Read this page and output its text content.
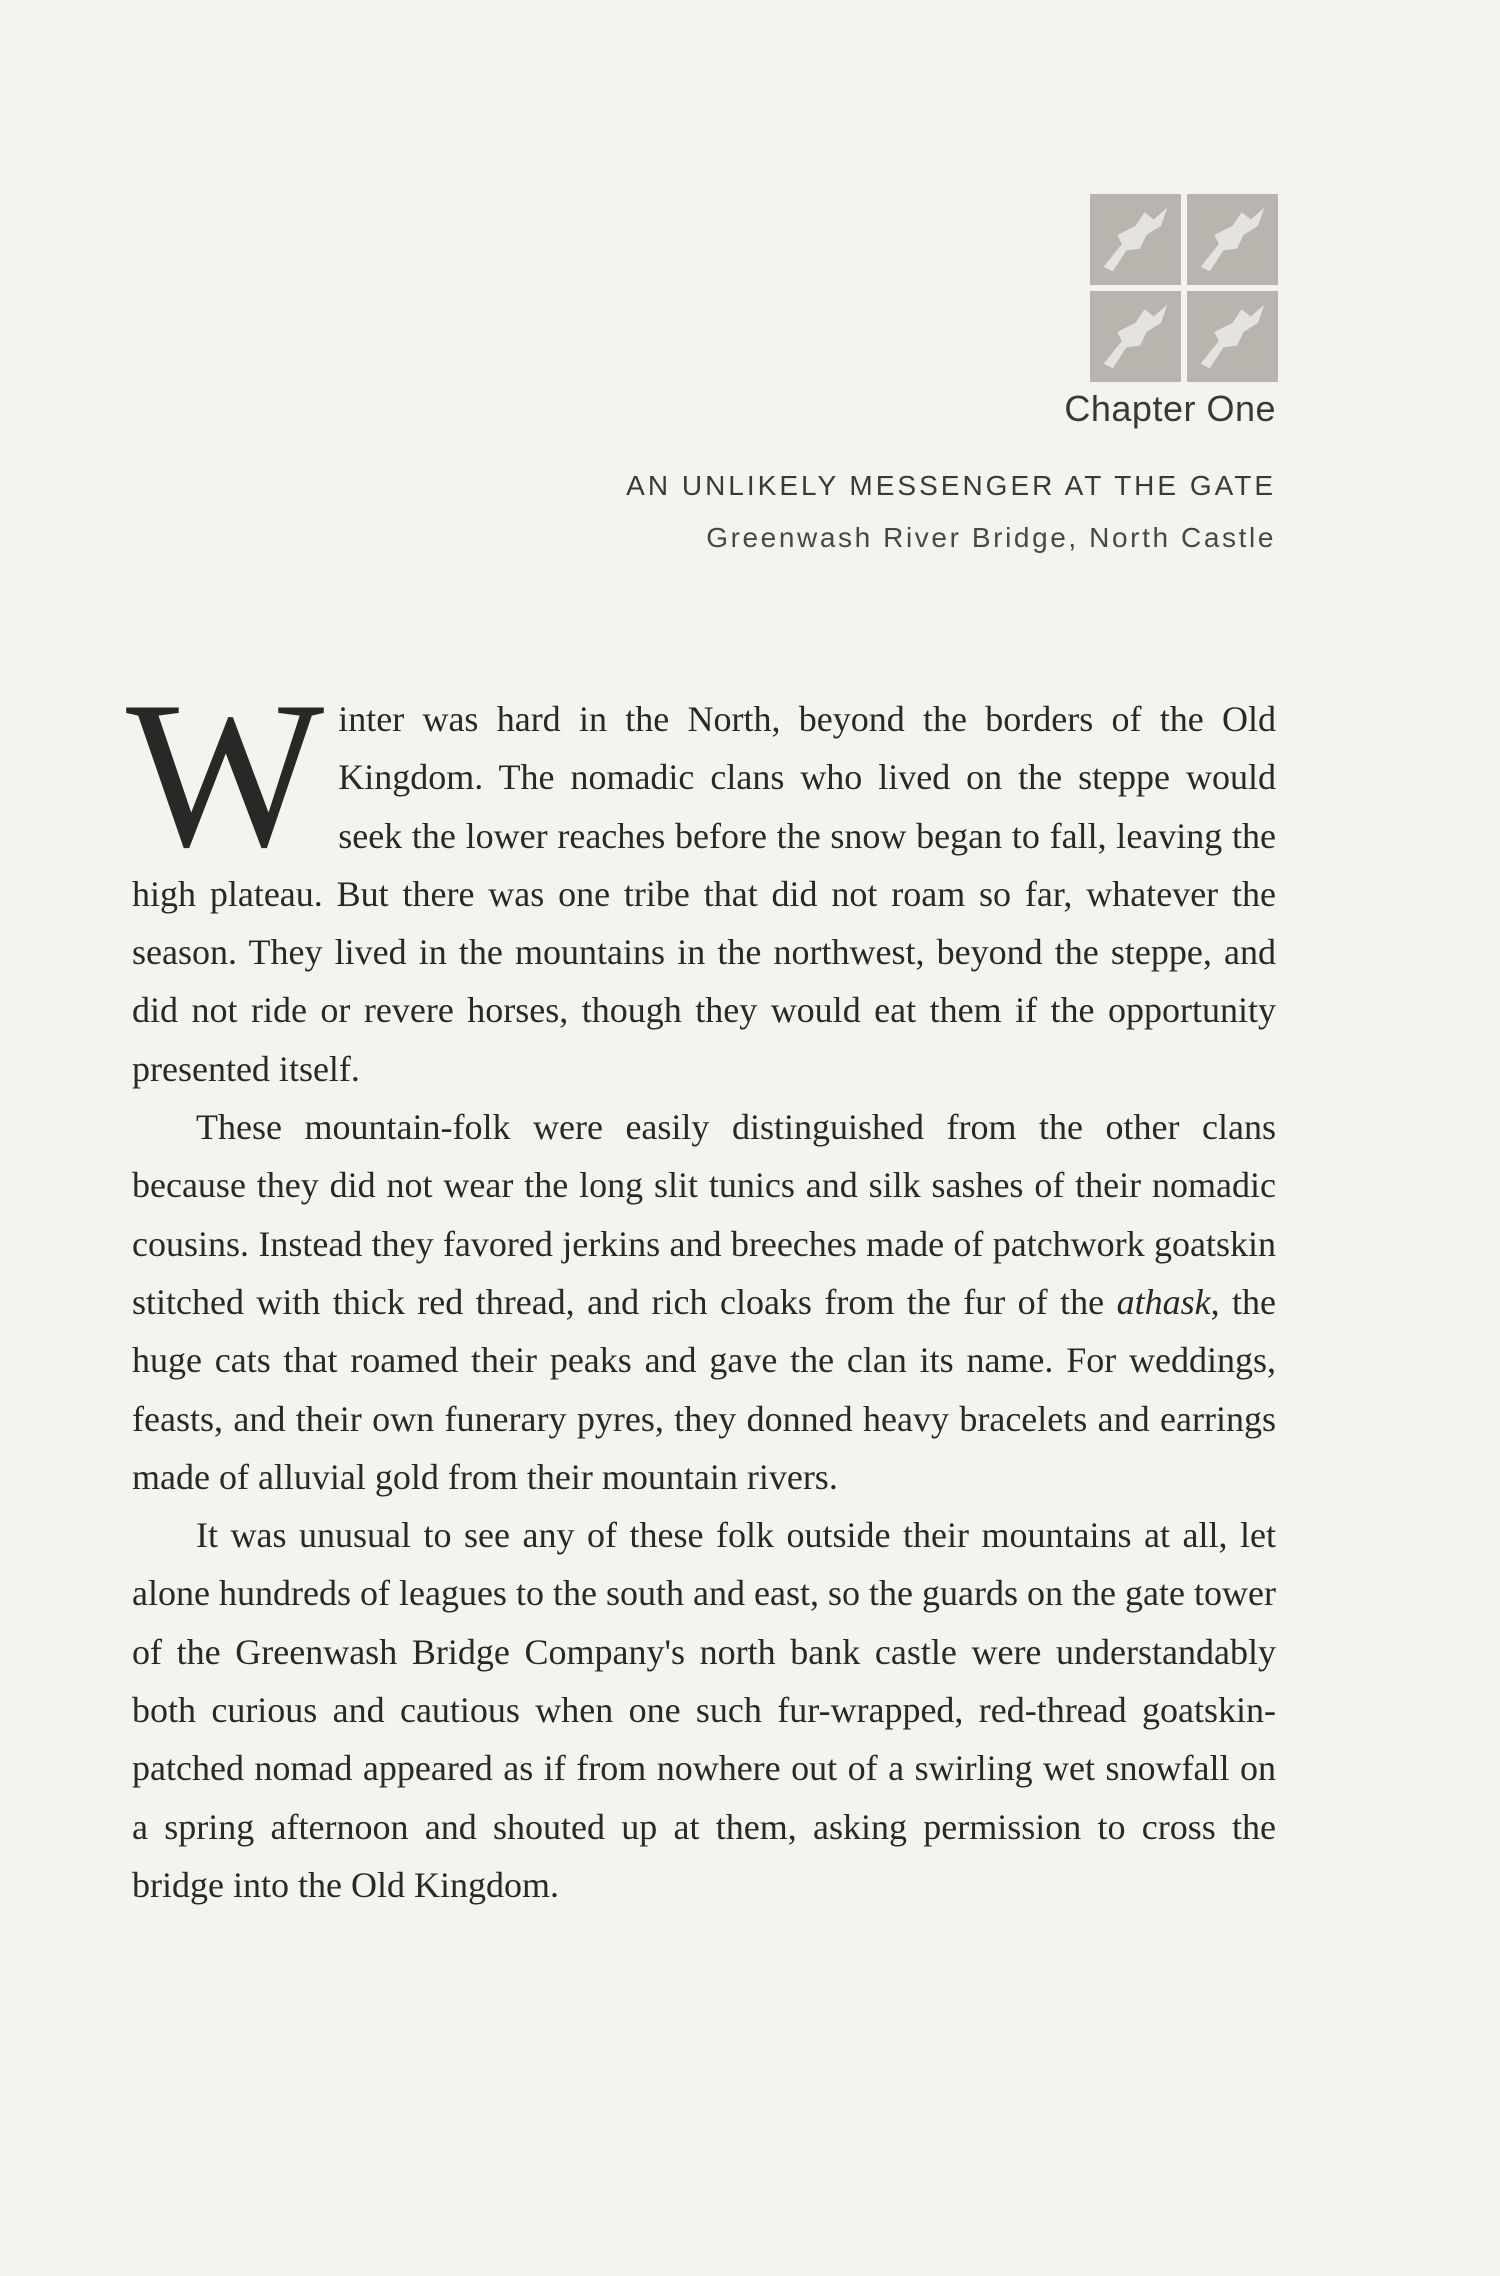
Chapter One
AN UNLIKELY MESSENGER AT THE GATE
Greenwash River Bridge, North Castle

Winter was hard in the North, beyond the borders of the Old Kingdom. The nomadic clans who lived on the steppe would seek the lower reaches before the snow began to fall, leaving the high plateau. But there was one tribe that did not roam so far, whatever the season. They lived in the mountains in the northwest, beyond the steppe, and did not ride or revere horses, though they would eat them if the opportunity presented itself.

These mountain-folk were easily distinguished from the other clans because they did not wear the long slit tunics and silk sashes of their nomadic cousins. Instead they favored jerkins and breeches made of patchwork goatskin stitched with thick red thread, and rich cloaks from the fur of the athask, the huge cats that roamed their peaks and gave the clan its name. For weddings, feasts, and their own funerary pyres, they donned heavy bracelets and earrings made of alluvial gold from their mountain rivers.

It was unusual to see any of these folk outside their mountains at all, let alone hundreds of leagues to the south and east, so the guards on the gate tower of the Greenwash Bridge Company's north bank castle were understandably both curious and cautious when one such fur-wrapped, red-thread goatskin-patched nomad appeared as if from nowhere out of a swirling wet snowfall on a spring afternoon and shouted up at them, asking permission to cross the bridge into the Old Kingdom.
